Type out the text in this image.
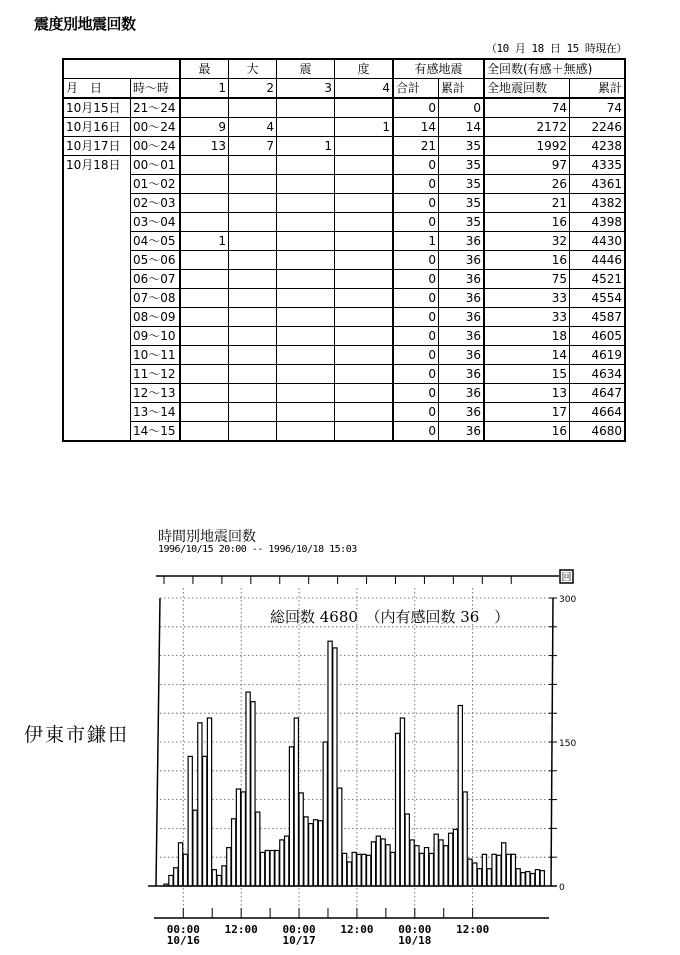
震度別地震回数
（10 月 18 日 15 時現在）
		最	大	震	度	有感地震		全回数(有感＋無感)	
月　日	時～時	1	2	3	4	合計	累計	全地震回数	累計
10月15日	21～24					0	0	74	74
10月16日	00～24	9	4		1	14	14	2172	2246
10月17日	00～24	13	7	1		21	35	1992	4238
10月18日	00～01					0	35	97	4335
	01～02					0	35	26	4361
	02～03					0	35	21	4382
	03～04					0	35	16	4398
	04～05	1				1	36	32	4430
	05～06					0	36	16	4446
	06～07					0	36	75	4521
	07～08					0	36	33	4554
	08～09					0	36	33	4587
	09～10					0	36	18	4605
	10～11					0	36	14	4619
	11～12					0	36	15	4634
	12～13					0	36	13	4647
	13～14					0	36	17	4664
	14～15					0	36	16	4680
時間別地震回数
1996/10/15 20:00 -- 1996/10/18 15:03
伊東市鎌田
00:00
10/16
12:00 00:00
10/17
12:00 00:00
10/18
12:00
0
150
300
回
総回数 4680　（内有感回数 36　）
